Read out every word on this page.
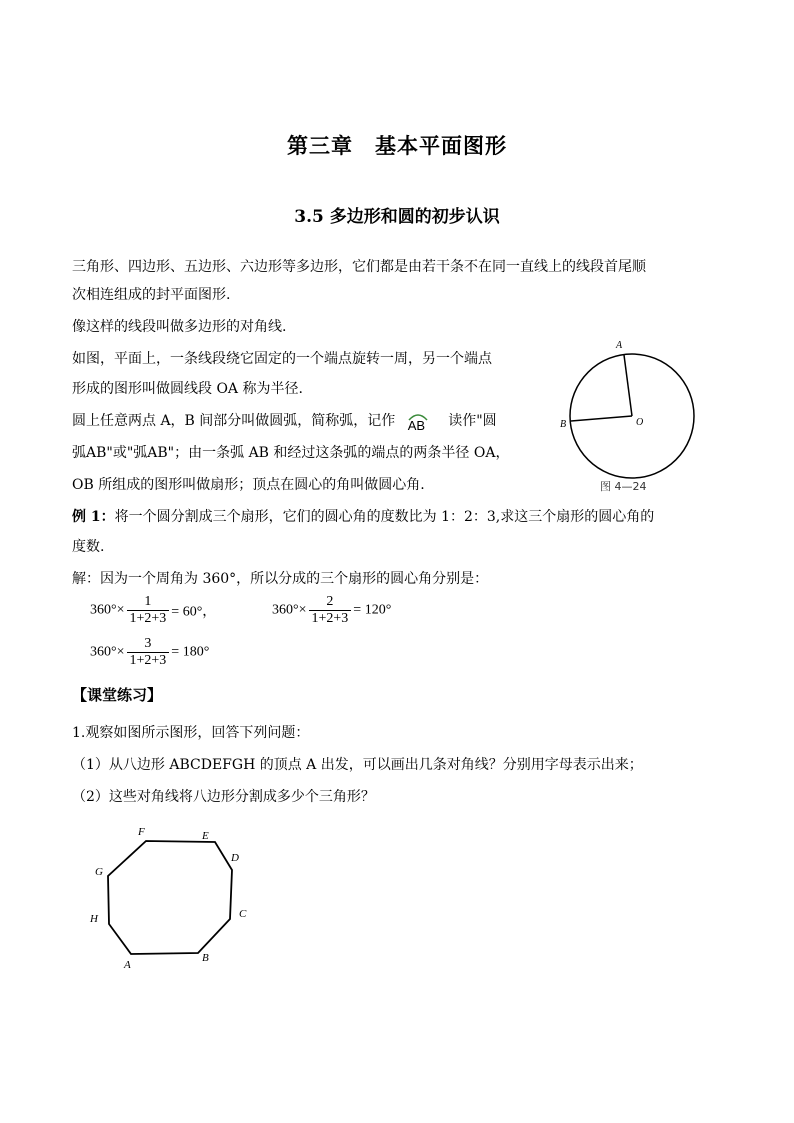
第三章　基本平面图形
3.5 多边形和圆的初步认识
三角形、四边形、五边形、六边形等多边形，它们都是由若干条不在同一直线上的线段首尾顺
次相连组成的封平面图形.
像这样的线段叫做多边形的对角线.
如图，平面上，一条线段绕它固定的一个端点旋转一周，另一个端点
形成的图形叫做圆线段 OA 称为半径.
圆上任意两点 A，B 间部分叫做圆弧，简称弧，记作 AB 读作"圆
弧AB"或"弧AB"；由一条弧 AB 和经过这条弧的端点的两条半径 OA，
OB 所组成的图形叫做扇形；顶点在圆心的角叫做圆心角.
例 1：将一个圆分割成三个扇形，它们的圆心角的度数比为 1：2：3,求这三个扇形的圆心角的
度数.
解：因为一个周角为 360°，所以分成的三个扇形的圆心角分别是：
$360^\circ\times \frac{1}{1+2+3} = 60^\circ$，	$360^\circ\times \frac{2}{1+2+3} = 120^\circ$
$360^\circ\times \frac{3}{1+2+3} = 180^\circ$
【课堂练习】
1.观察如图所示图形，回答下列问题：
（1）从八边形 ABCDEFGH 的顶点 A 出发，可以画出几条对角线？分别用字母表示出来；
（2）这些对角线将八边形分割成多少个三角形？
A
B	O
图 4—24
A
B
C
D
E
F
G
H
